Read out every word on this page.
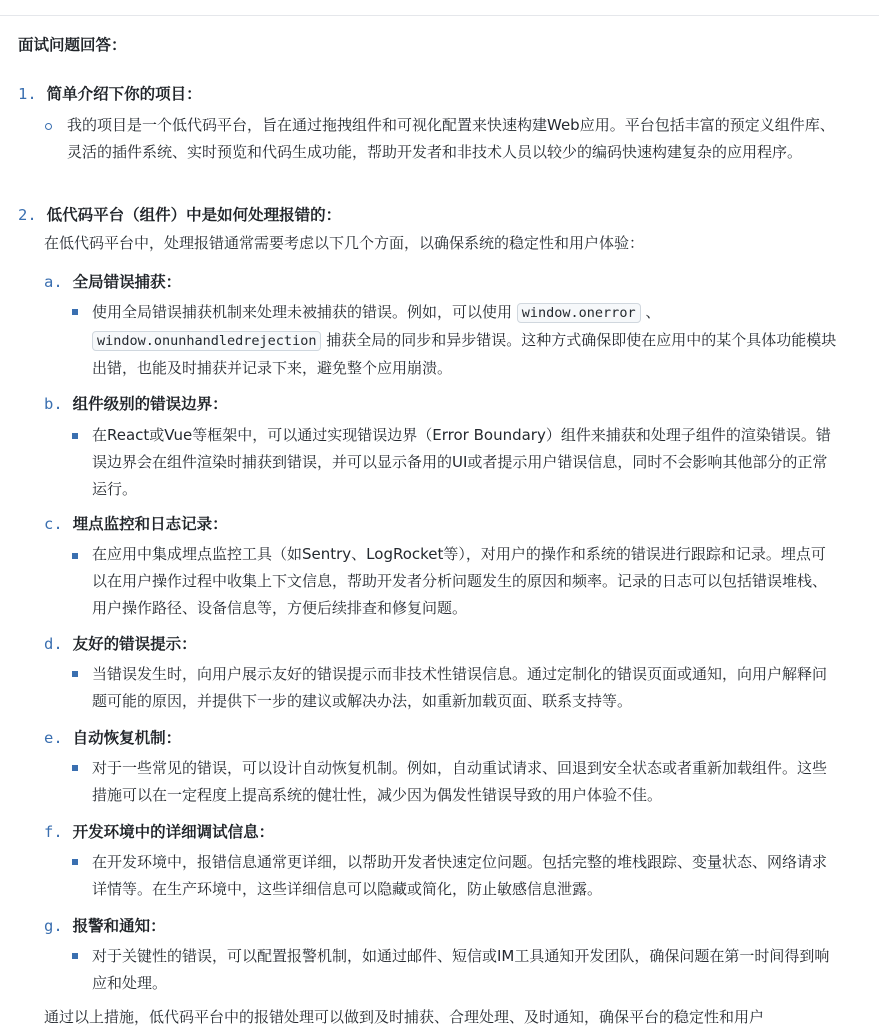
面试问题回答：
1. 简单介绍下你的项目：
我的项目是一个低代码平台，旨在通过拖拽组件和可视化配置来快速构建Web应用。平台包括丰富的预定义组件库、灵活的插件系统、实时预览和代码生成功能，帮助开发者和非技术人员以较少的编码快速构建复杂的应用程序。
2. 低代码平台（组件）中是如何处理报错的：
在低代码平台中，处理报错通常需要考虑以下几个方面，以确保系统的稳定性和用户体验：
a. 全局错误捕获：
使用全局错误捕获机制来处理未被捕获的错误。例如，可以使用 window.onerror 、window.onunhandledrejection 捕获全局的同步和异步错误。这种方式确保即使在应用中的某个具体功能模块出错，也能及时捕获并记录下来，避免整个应用崩溃。
b. 组件级别的错误边界：
在React或Vue等框架中，可以通过实现错误边界（Error Boundary）组件来捕获和处理子组件的渲染错误。错误边界会在组件渲染时捕获到错误，并可以显示备用的UI或者提示用户错误信息，同时不会影响其他部分的正常运行。
c. 埋点监控和日志记录：
在应用中集成埋点监控工具（如Sentry、LogRocket等），对用户的操作和系统的错误进行跟踪和记录。埋点可以在用户操作过程中收集上下文信息，帮助开发者分析问题发生的原因和频率。记录的日志可以包括错误堆栈、用户操作路径、设备信息等，方便后续排查和修复问题。
d. 友好的错误提示：
当错误发生时，向用户展示友好的错误提示而非技术性错误信息。通过定制化的错误页面或通知，向用户解释问题可能的原因，并提供下一步的建议或解决办法，如重新加载页面、联系支持等。
e. 自动恢复机制：
对于一些常见的错误，可以设计自动恢复机制。例如，自动重试请求、回退到安全状态或者重新加载组件。这些措施可以在一定程度上提高系统的健壮性，减少因为偶发性错误导致的用户体验不佳。
f. 开发环境中的详细调试信息：
在开发环境中，报错信息通常更详细，以帮助开发者快速定位问题。包括完整的堆栈跟踪、变量状态、网络请求详情等。在生产环境中，这些详细信息可以隐藏或简化，防止敏感信息泄露。
g. 报警和通知：
对于关键性的错误，可以配置报警机制，如通过邮件、短信或IM工具通知开发团队，确保问题在第一时间得到响应和处理。
通过以上措施，低代码平台中的报错处理可以做到及时捕获、合理处理、及时通知，确保平台的稳定性和用户
